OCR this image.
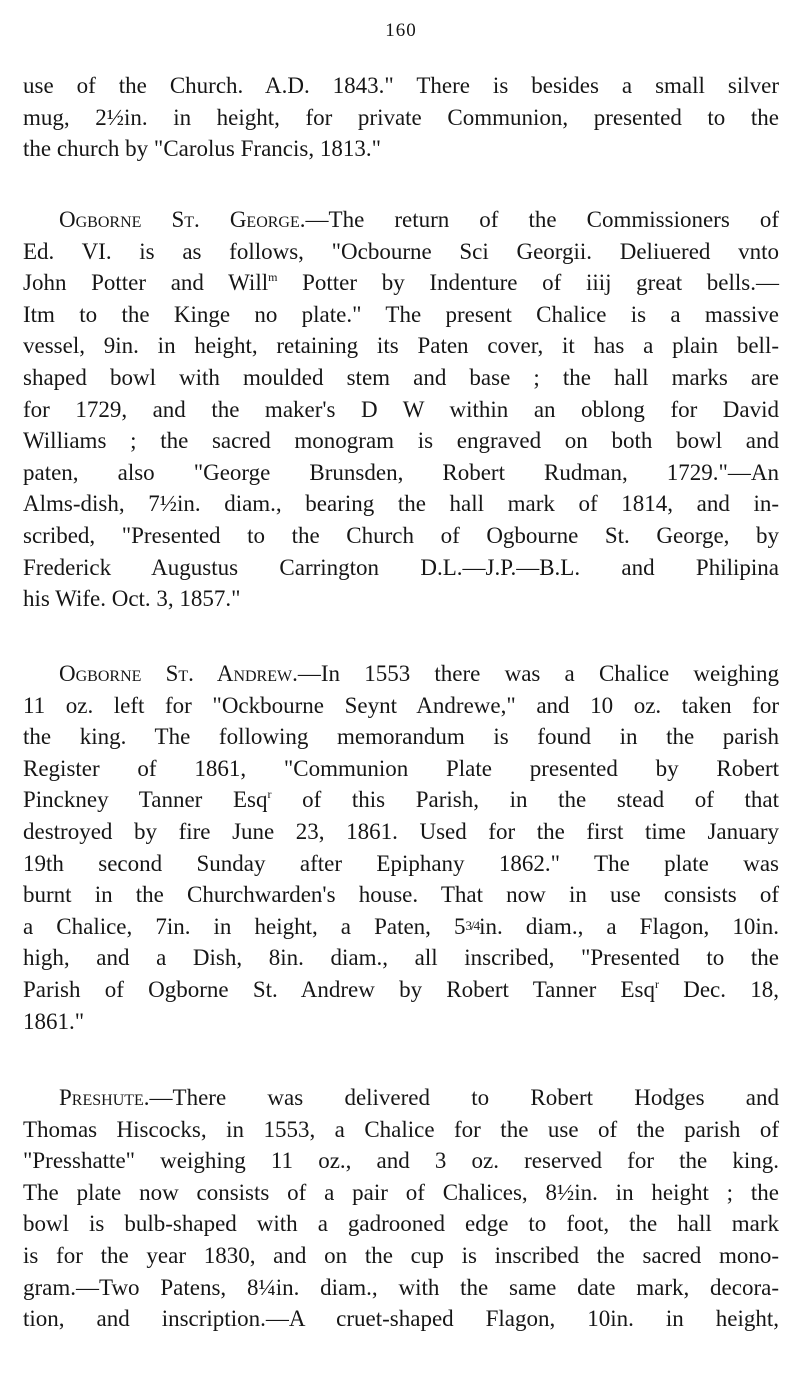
160
use of the Church. A.D. 1843." There is besides a small silver
mug, 2½in. in height, for private Communion, presented to the
the church by "Carolus Francis, 1813."
Ogborne St. George.—The return of the Commissioners of
Ed. VI. is as follows, "Ocbourne Sci Georgii. Deliuered vnto
John Potter and Will$^m$ Potter by Indenture of iiij great bells.—
Itm to the Kinge no plate." The present Chalice is a massive
vessel, 9in. in height, retaining its Paten cover, it has a plain bell-
shaped bowl with moulded stem and base ; the hall marks are
for 1729, and the maker's D W within an oblong for David
Williams ; the sacred monogram is engraved on both bowl and
paten, also "George Brunsden, Robert Rudman, 1729."—An
Alms-dish, 7½in. diam., bearing the hall mark of 1814, and in-
scribed, "Presented to the Church of Ogbourne St. George, by
Frederick Augustus Carrington D.L.—J.P.—B.L. and Philipina
his Wife. Oct. 3, 1857."
Ogborne St. Andrew.—In 1553 there was a Chalice weighing
11 oz. left for "Ockbourne Seynt Andrewe," and 10 oz. taken for
the king. The following memorandum is found in the parish
Register of 1861, "Communion Plate presented by Robert
Pinckney Tanner Esq$^r$ of this Parish, in the stead of that
destroyed by fire June 23, 1861. Used for the first time January
19th second Sunday after Epiphany 1862." The plate was
burnt in the Churchwarden's house. That now in use consists of
a Chalice, 7in. in height, a Paten, 53/4in. diam., a Flagon, 10in.
high, and a Dish, 8in. diam., all inscribed, "Presented to the
Parish of Ogborne St. Andrew by Robert Tanner Esq$^r$ Dec. 18,
1861."
Preshute.—There was delivered to Robert Hodges and
Thomas Hiscocks, in 1553, a Chalice for the use of the parish of
"Presshatte" weighing 11 oz., and 3 oz. reserved for the king.
The plate now consists of a pair of Chalices, 8½in. in height ; the
bowl is bulb-shaped with a gadrooned edge to foot, the hall mark
is for the year 1830, and on the cup is inscribed the sacred mono-
gram.—Two Patens, 8¼in. diam., with the same date mark, decora-
tion, and inscription.—A cruet-shaped Flagon, 10in. in height,
